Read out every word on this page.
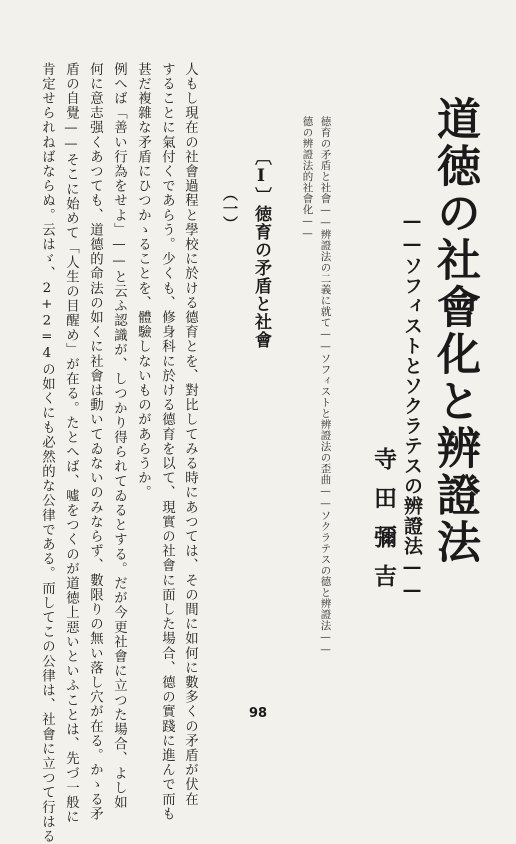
道徳の社會化と辨證法
——ソフィストとソクラテスの辨證法——
寺田彌吉
徳育の矛盾と社會——辨證法の二義に就て——ソフィストと辨證法の歪曲——ソクラテスの德と辨證法——
德の辨證法的社會化——
〔Ⅰ〕徳育の矛盾と社會
（一）
人もし現在の社會過程と學校に於ける德育とを、對比してみる時にあつては、その間に如何に數多くの矛盾が伏在
することに氣付くであらう。少くも、修身科に於ける德育を以て、現實の社會に面した場合、德の實踐に進んで而も
甚だ複雜な矛盾にひつかゝることを、體驗しないものがあらうか。
例へば「善い行為をせよ」——と云ふ認識が、しつかり得られてゐるとする。だが今更社會に立つた場合、よし如
何に意志强くあつても、道德的命法の如くに社會は動いてゐないのみならず、數限りの無い落し穴が在る。かゝる矛
盾の自覺——そこに始めて「人生の目醒め」が在る。たとへば、噓をつくのが道徳上惡いといふことは、先づ一般に
肯定せられねばならぬ。云はゞ、2+2=4の如くにも必然的な公律である。而してこの公律は、社會に立つて行はる	98
